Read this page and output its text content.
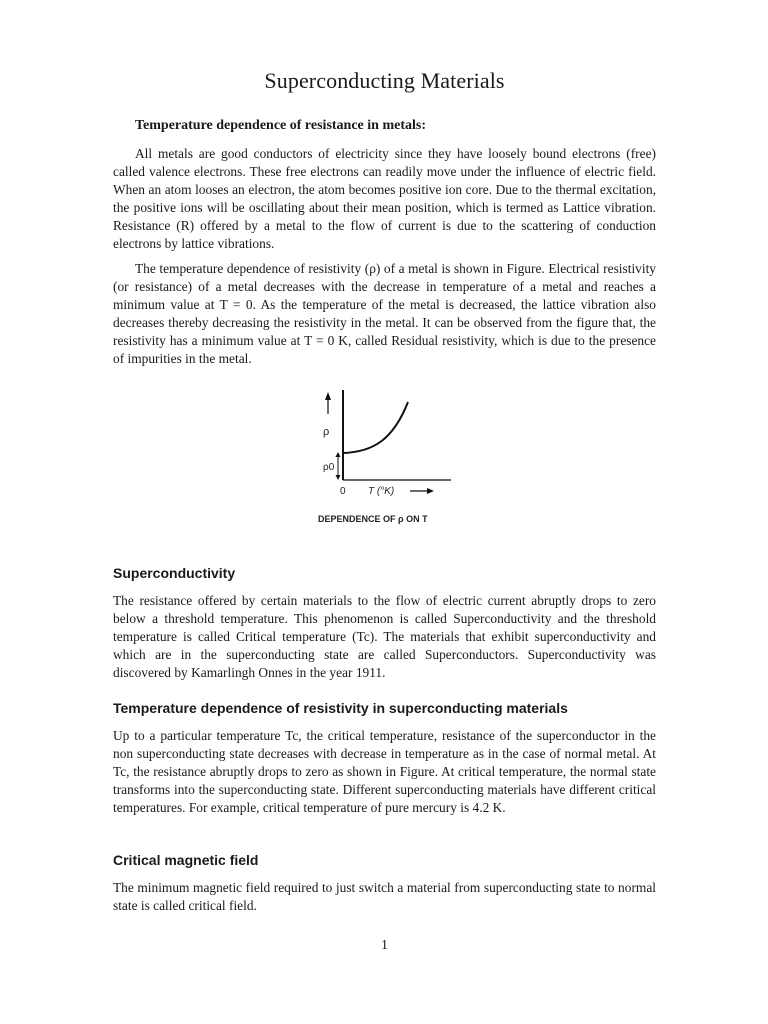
Superconducting Materials

Temperature dependence of resistance in metals:

All metals are good conductors of electricity since they have loosely bound electrons (free) called valence electrons. These free electrons can readily move under the influence of electric field. When an atom looses an electron, the atom becomes positive ion core. Due to the thermal excitation, the positive ions will be oscillating about their mean position, which is termed as Lattice vibration. Resistance (R) offered by a metal to the flow of current is due to the scattering of conduction electrons by lattice vibrations.

The temperature dependence of resistivity (ρ) of a metal is shown in Figure. Electrical resistivity (or resistance) of a metal decreases with the decrease in temperature of a metal and reaches a minimum value at T = 0. As the temperature of the metal is decreased, the lattice vibration also decreases thereby decreasing the resistivity in the metal. It can be observed from the figure that, the resistivity has a minimum value at T = 0 K, called Residual resistivity, which is due to the presence of impurities in the metal.

ρ
ρ0
0 T (°K)
DEPENDENCE OF ρ ON T
Superconductivity

The resistance offered by certain materials to the flow of electric current abruptly drops to zero below a threshold temperature. This phenomenon is called Superconductivity and the threshold temperature is called Critical temperature (Tc). The materials that exhibit superconductivity and which are in the superconducting state are called Superconductors. Superconductivity was discovered by Kamarlingh Onnes in the year 1911.

Temperature dependence of resistivity in superconducting materials

Up to a particular temperature Tc, the critical temperature, resistance of the superconductor in the non superconducting state decreases with decrease in temperature as in the case of normal metal. At Tc, the resistance abruptly drops to zero as shown in Figure. At critical temperature, the normal state transforms into the superconducting state. Different superconducting materials have different critical temperatures. For example, critical temperature of pure mercury is 4.2 K.

Critical magnetic field

The minimum magnetic field required to just switch a material from superconducting state to normal state is called critical field.

1
